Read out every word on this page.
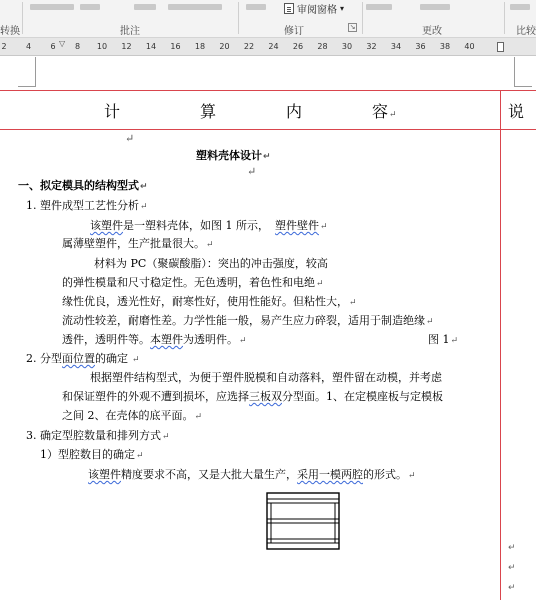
审阅窗格 ▾
转换	批注	修订	↘	更改	比较
▽
2 4 6 8 10 12 14 16 18 20 22 24 26 28 30 32 34 36 38 40
计	算	内	容↵	说
↵
塑料壳体设计↵
↵
一、拟定模具的结构型式↵
1. 塑件成型工艺性分析↵
该塑件是一塑料壳体，如图 1 所示， 塑件壁件↵
属薄壁塑件，生产批量很大。↵
材料为 PC（聚碳酸脂）：突出的冲击强度，较高
的弹性模量和尺寸稳定性。无色透明，着色性和电绝↵
缘性优良，透光性好，耐寒性好，使用性能好。但粘性大，↵
流动性较差，耐磨性差。力学性能一般，易产生应力碎裂，适用于制造绝缘↵
透件，透明件等。本塑件为透明件。↵	图 1↵
2. 分型面位置的确定 ↵
根据塑件结构型式，为便于塑件脱模和自动落料，塑件留在动模，并考虑
和保证塑件的外观不遭到损坏，应选择三板双分型面。1、在定模座板与定模板
之间 2、在壳体的底平面。↵
3. 确定型腔数量和排列方式↵
1）型腔数目的确定↵
该塑件精度要求不高，又是大批大量生产，采用一模两腔的形式。↵
↵
↵
↵
